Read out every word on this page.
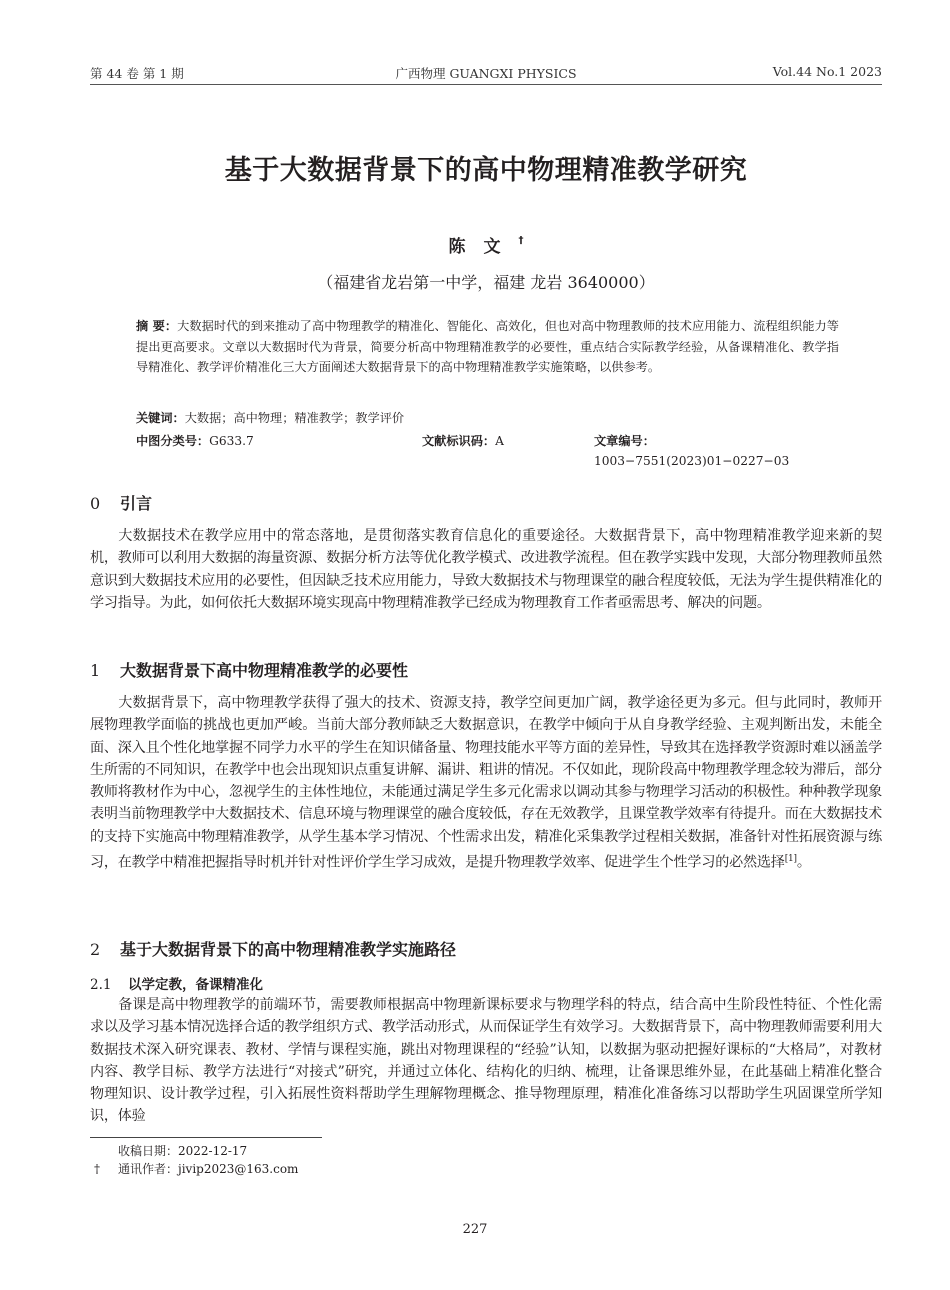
第 44 卷 第 1 期	广西物理 GUANGXI PHYSICS	Vol.44 No.1 2023
基于大数据背景下的高中物理精准教学研究
陈文†
（福建省龙岩第一中学，福建 龙岩 3640000）
摘 要：大数据时代的到来推动了高中物理教学的精准化、智能化、高效化，但也对高中物理教师的技术应用能力、流程组织能力等提出更高要求。文章以大数据时代为背景，简要分析高中物理精准教学的必要性，重点结合实际教学经验，从备课精准化、教学指导精准化、教学评价精准化三大方面阐述大数据背景下的高中物理精准教学实施策略，以供参考。
关键词：大数据；高中物理；精准教学；教学评价
中图分类号：G633.7	文献标识码：A	文章编号：1003−7551(2023)01−0227−03
0 引言

大数据技术在教学应用中的常态落地，是贯彻落实教育信息化的重要途径。大数据背景下，高中物理精准教学迎来新的契机，教师可以利用大数据的海量资源、数据分析方法等优化教学模式、改进教学流程。但在教学实践中发现，大部分物理教师虽然意识到大数据技术应用的必要性，但因缺乏技术应用能力，导致大数据技术与物理课堂的融合程度较低，无法为学生提供精准化的学习指导。为此，如何依托大数据环境实现高中物理精准教学已经成为物理教育工作者亟需思考、解决的问题。

1 大数据背景下高中物理精准教学的必要性

大数据背景下，高中物理教学获得了强大的技术、资源支持，教学空间更加广阔，教学途径更为多元。但与此同时，教师开展物理教学面临的挑战也更加严峻。当前大部分教师缺乏大数据意识，在教学中倾向于从自身教学经验、主观判断出发，未能全面、深入且个性化地掌握不同学力水平的学生在知识储备量、物理技能水平等方面的差异性，导致其在选择教学资源时难以涵盖学生所需的不同知识，在教学中也会出现知识点重复讲解、漏讲、粗讲的情况。不仅如此，现阶段高中物理教学理念较为滞后，部分教师将教材作为中心，忽视学生的主体性地位，未能通过满足学生多元化需求以调动其参与物理学习活动的积极性。种种教学现象表明当前物理教学中大数据技术、信息环境与物理课堂的融合度较低，存在无效教学，且课堂教学效率有待提升。而在大数据技术的支持下实施高中物理精准教学，从学生基本学习情况、个性需求出发，精准化采集教学过程相关数据，准备针对性拓展资源与练习，在教学中精准把握指导时机并针对性评价学生学习成效，是提升物理教学效率、促进学生个性学习的必然选择[1]。

2 基于大数据背景下的高中物理精准教学实施路径
2.1 以学定教，备课精准化

备课是高中物理教学的前端环节，需要教师根据高中物理新课标要求与物理学科的特点，结合高中生阶段性特征、个性化需求以及学习基本情况选择合适的教学组织方式、教学活动形式，从而保证学生有效学习。大数据背景下，高中物理教师需要利用大数据技术深入研究课表、教材、学情与课程实施，跳出对物理课程的“经验”认知，以数据为驱动把握好课标的“大格局”，对教材内容、教学目标、教学方法进行“对接式”研究，并通过立体化、结构化的归纳、梳理，让备课思维外显，在此基础上精准化整合物理知识、设计教学过程，引入拓展性资料帮助学生理解物理概念、推导物理原理，精准化准备练习以帮助学生巩固课堂所学知识，体验

收稿日期：2022-12-17
† 通讯作者：jivip2023@163.com
227
